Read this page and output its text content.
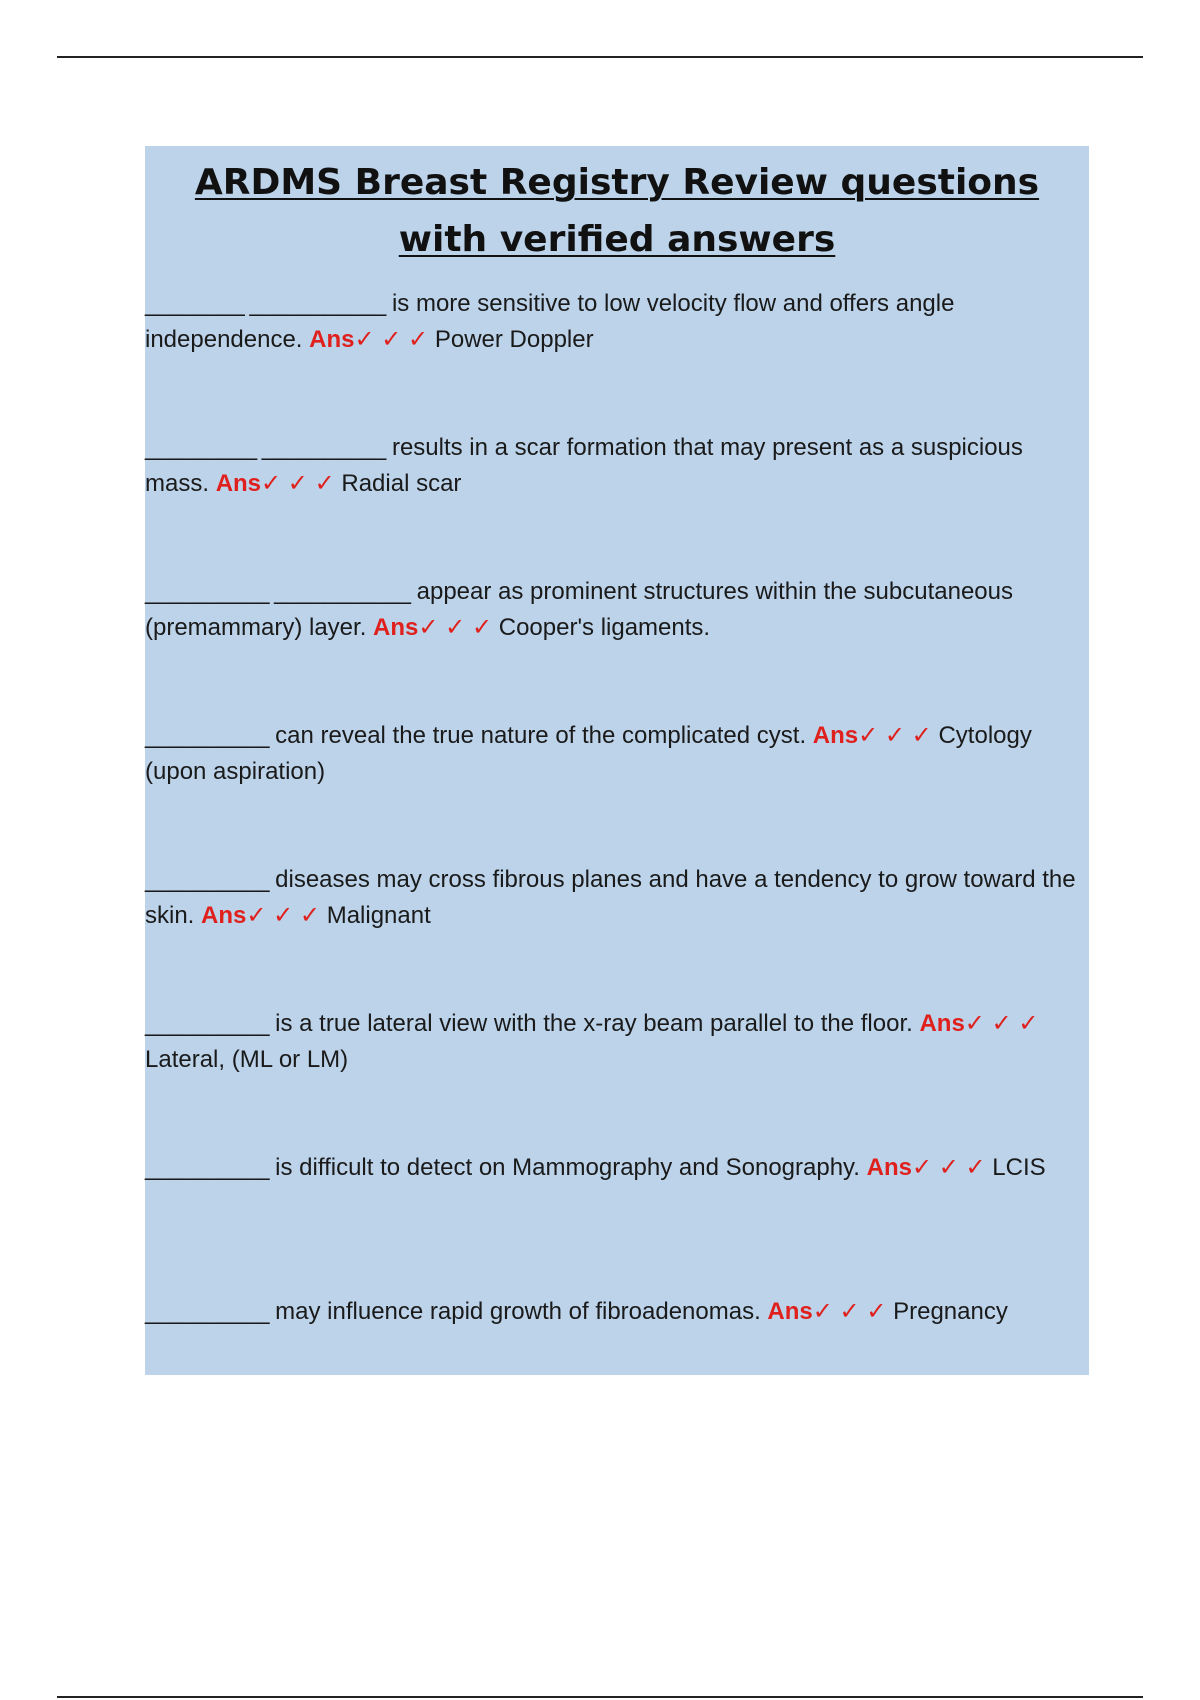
ARDMS Breast Registry Review questions with verified answers
________ ___________ is more sensitive to low velocity flow and offers angle independence. Ans✓ ✓ ✓ Power Doppler
_________ __________ results in a scar formation that may present as a suspicious mass. Ans✓ ✓ ✓ Radial scar
__________ ___________ appear as prominent structures within the subcutaneous (premammary) layer. Ans✓ ✓ ✓ Cooper's ligaments.
__________ can reveal the true nature of the complicated cyst. Ans✓ ✓ ✓ Cytology (upon aspiration)
__________ diseases may cross fibrous planes and have a tendency to grow toward the skin. Ans✓ ✓ ✓ Malignant
__________ is a true lateral view with the x-ray beam parallel to the floor. Ans✓ ✓ ✓ Lateral, (ML or LM)
__________ is difficult to detect on Mammography and Sonography. Ans✓ ✓ ✓ LCIS
__________ may influence rapid growth of fibroadenomas. Ans✓ ✓ ✓ Pregnancy
